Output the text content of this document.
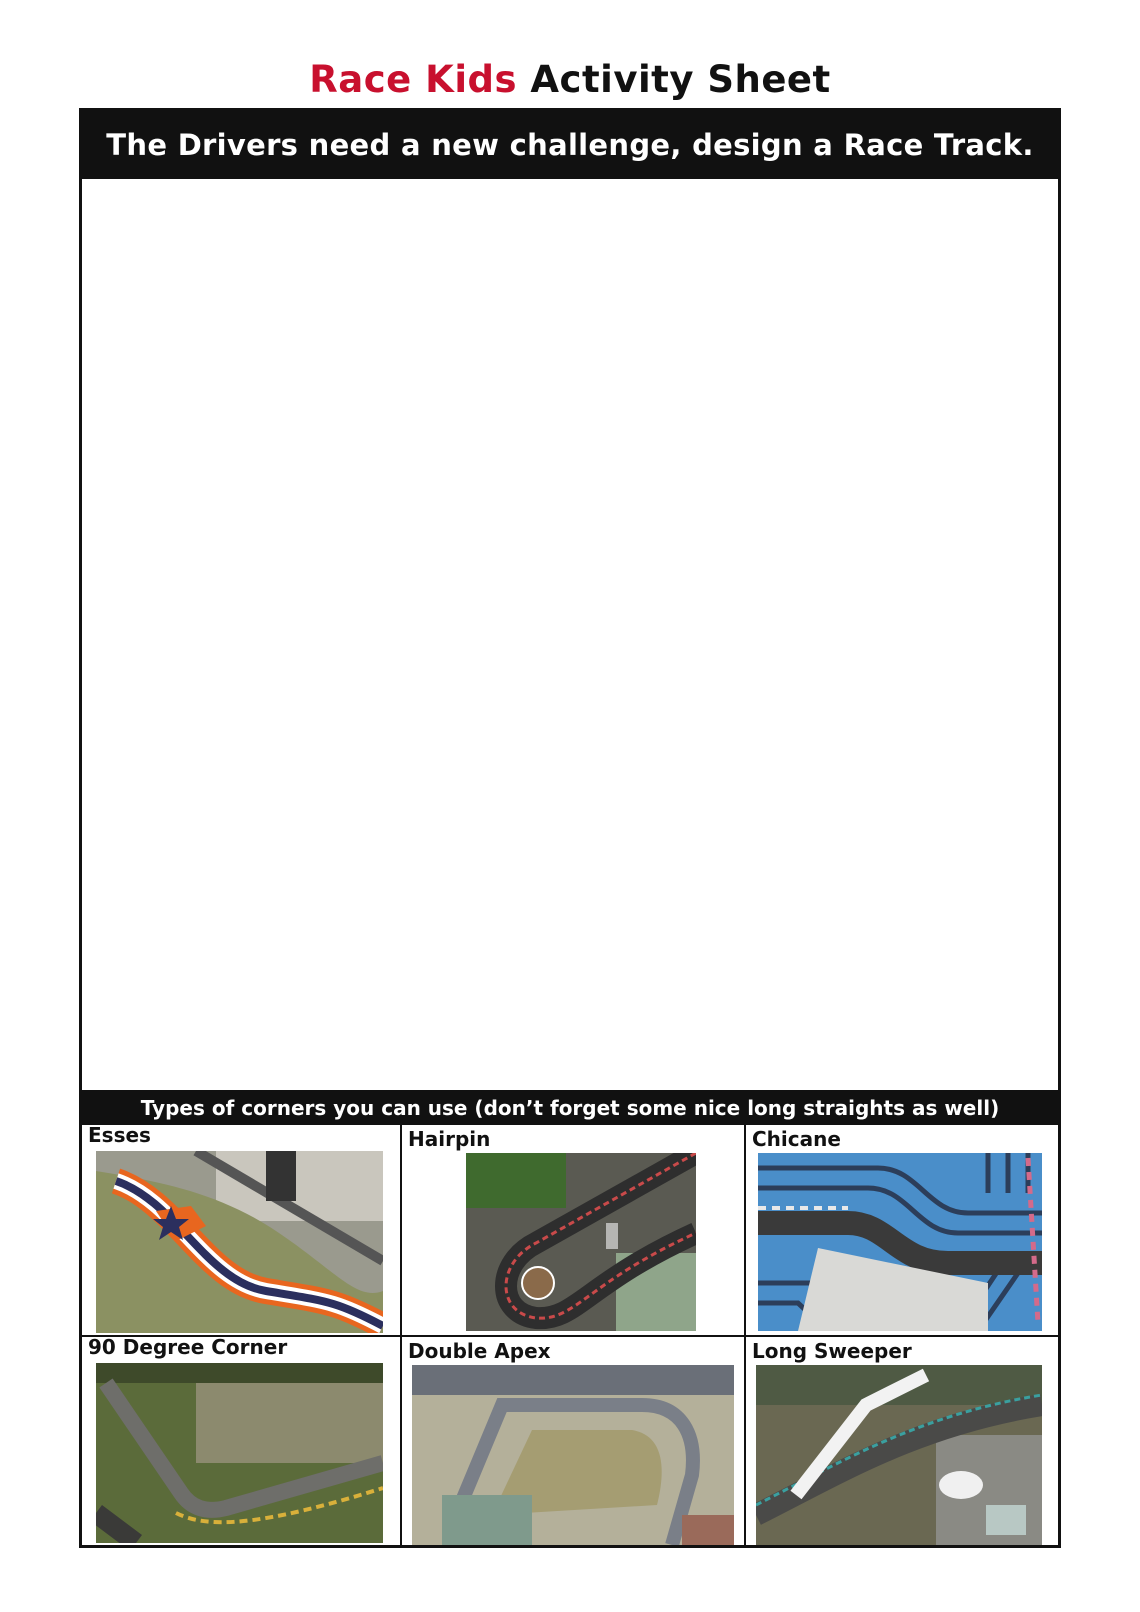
Race Kids Activity Sheet
The Drivers need a new challenge, design a Race Track.
Types of corners you can use (don’t forget some nice long straights as well)
Esses	Hairpin	Chicane
90 Degree Corner	Double Apex	Long Sweeper
